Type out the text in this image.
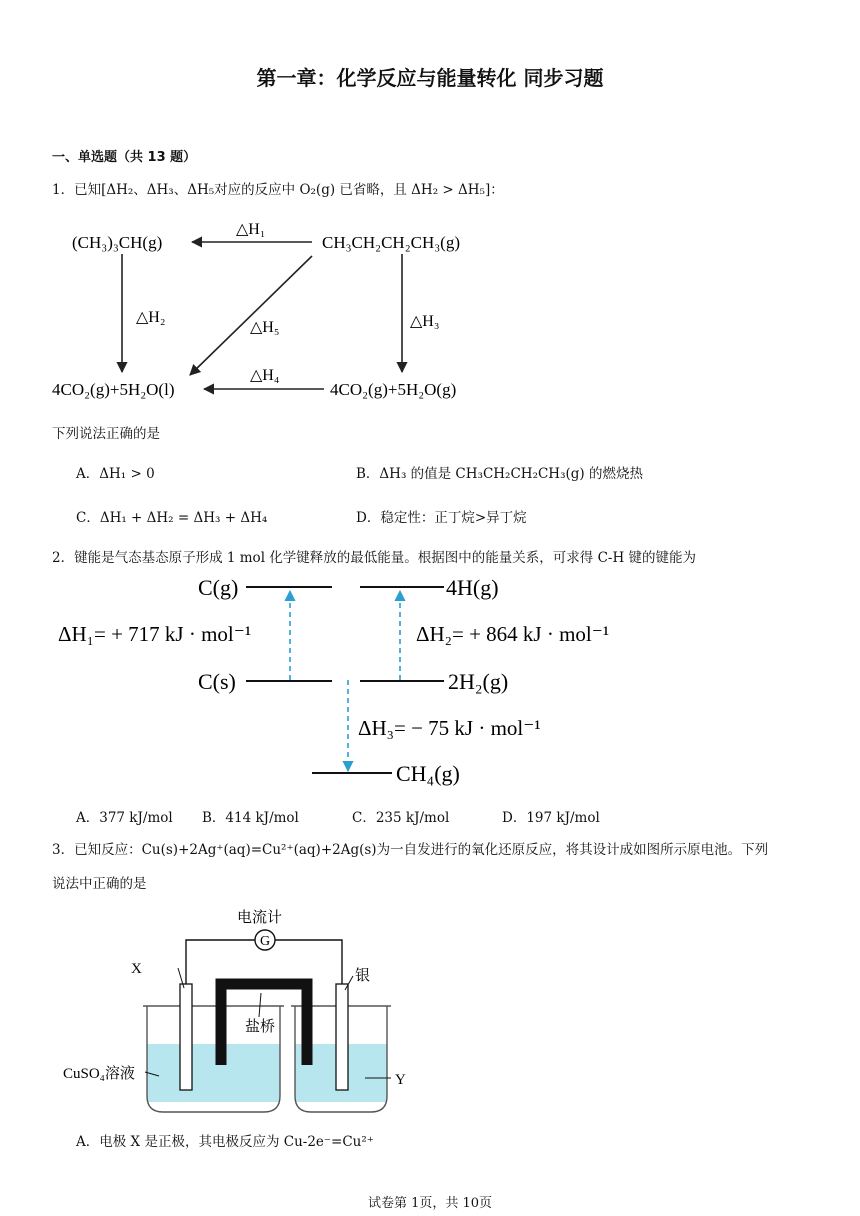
第一章：化学反应与能量转化 同步习题
一、单选题（共 13 题）
1．已知[ΔH₂、ΔH₃、ΔH₅对应的反应中 O₂(g) 已省略，且 ΔH₂ > ΔH₅]：
(CH₃)₃CH(g)	CH₃CH₂CH₂CH₃(g)
4CO₂(g)+5H₂O(l)	4CO₂(g)+5H₂O(g)
△H₁
△H₂	△H₃
△H₅
△H₄
下列说法正确的是
A．ΔH₁ > 0	B．ΔH₃ 的值是 CH₃CH₂CH₂CH₃(g) 的燃烧热
C．ΔH₁ + ΔH₂ = ΔH₃ + ΔH₄	D．稳定性：正丁烷>异丁烷
2．键能是气态基态原子形成 1 mol 化学键释放的最低能量。根据图中的能量关系，可求得 C-H 键的键能为
C(g)	4H(g)
ΔH₁= + 717 kJ · mol⁻¹	ΔH₂= + 864 kJ · mol⁻¹
C(s)	2H₂(g)
ΔH₃= − 75 kJ · mol⁻¹
CH₄(g)
A．377 kJ/mol B．414 kJ/mol	C．235 kJ/mol	D．197 kJ/mol
3．已知反应：Cu(s)+2Ag⁺(aq)=Cu²⁺(aq)+2Ag(s)为一自发进行的氧化还原反应，将其设计成如图所示原电池。下列
说法中正确的是
G
电流计
X	银
盐桥
CuSO₄溶液	Y
A．电极 X 是正极，其电极反应为 Cu-2e⁻=Cu²⁺
试卷第 1页，共 10页
